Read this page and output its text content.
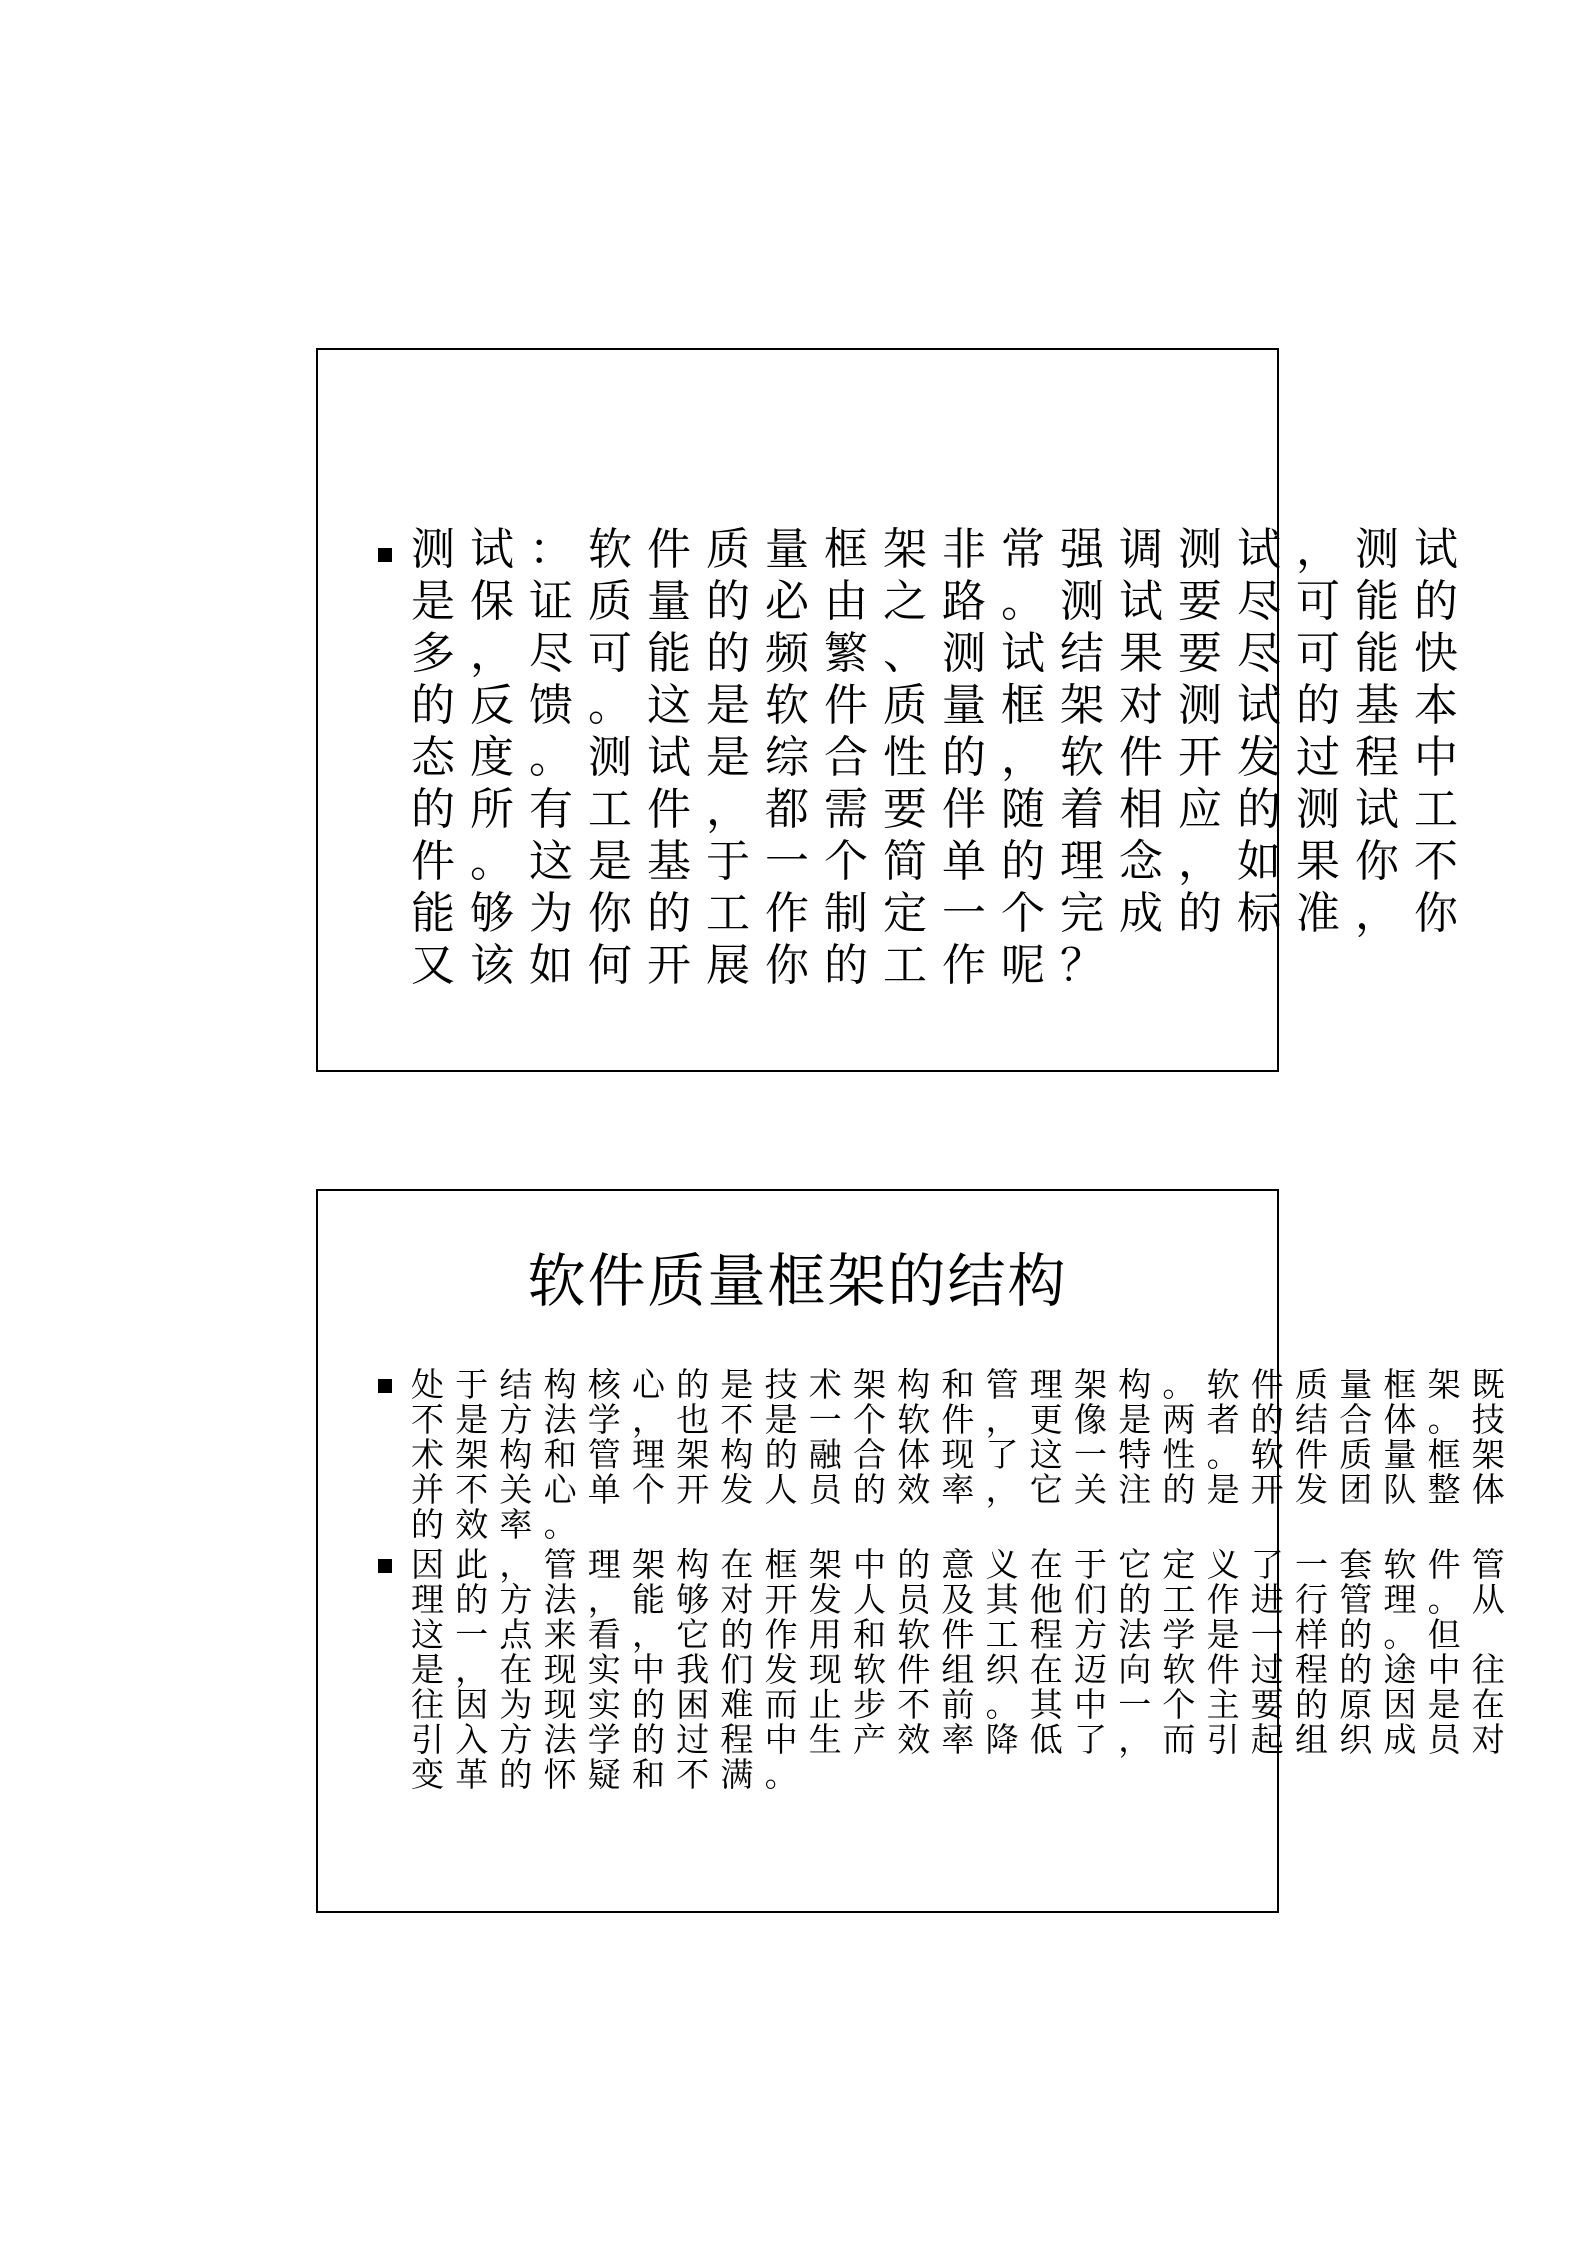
测试：软件质量框架非常强调测试，测试
是保证质量的必由之路。测试要尽可能的
多，尽可能的频繁、测试结果要尽可能快
的反馈。这是软件质量框架对测试的基本
态度。测试是综合性的，软件开发过程中
的所有工件，都需要伴随着相应的测试工
件。这是基于一个简单的理念，如果你不
能够为你的工作制定一个完成的标准，你
又该如何开展你的工作呢？
软件质量框架的结构
处于结构核心的是技术架构和管理架构。软件质量框架既
不是方法学，也不是一个软件，更像是两者的结合体。技
术架构和管理架构的融合体现了这一特性。软件质量框架
并不关心单个开发人员的效率，它关注的是开发团队整体
的效率。
因此，管理架构在框架中的意义在于它定义了一套软件管
理的方法，能够对开发人员及其他们的工作进行管理。从
这一点来看，它的作用和软件工程方法学是一样的。但
是，在现实中我们发现软件组织在迈向软件过程的途中往
往因为现实的困难而止步不前。其中一个主要的原因是在
引入方法学的过程中生产效率降低了，而引起组织成员对
变革的怀疑和不满。
